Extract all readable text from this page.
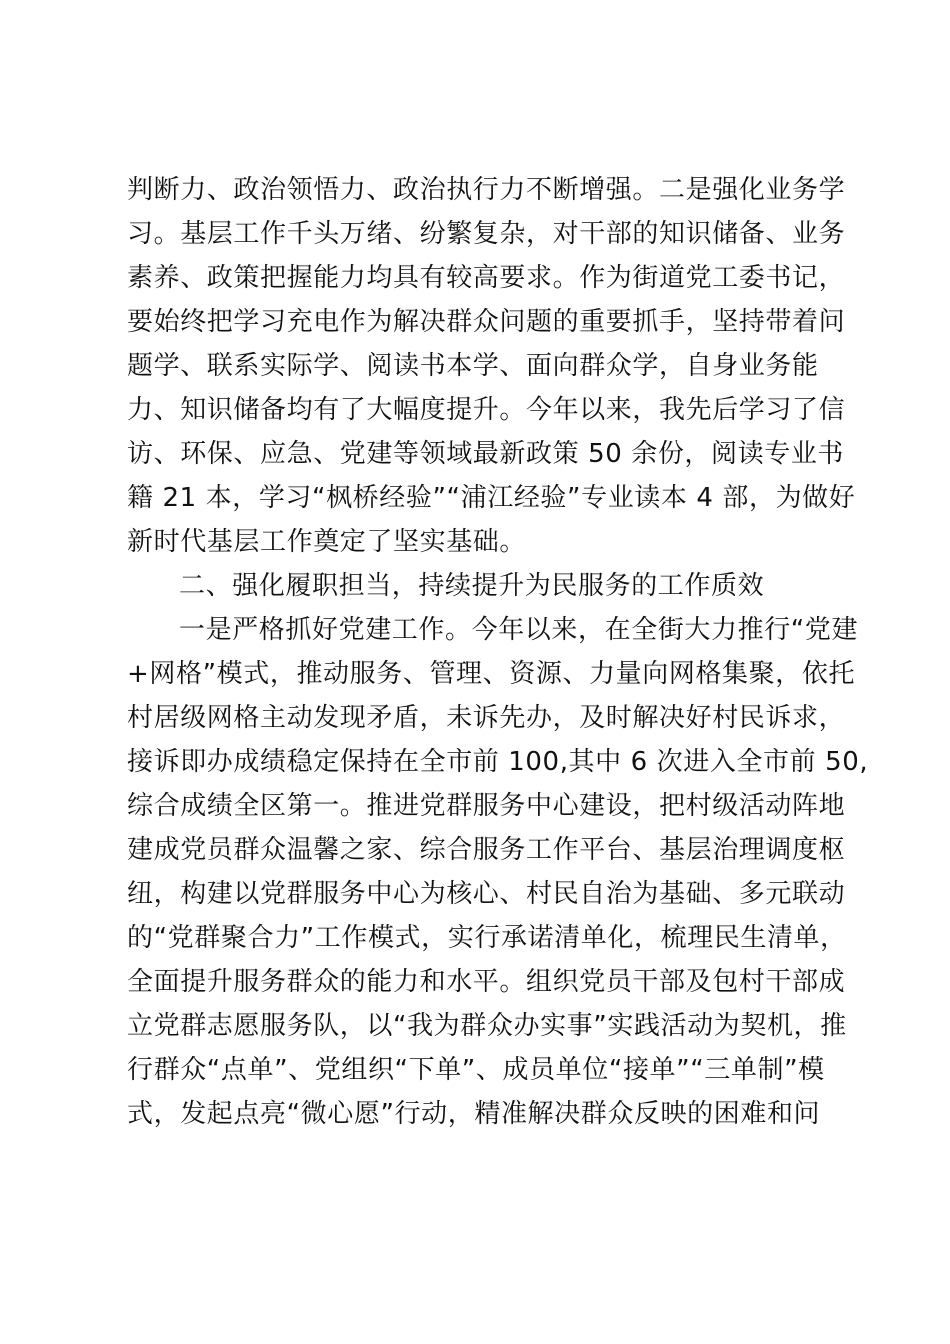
判断力、政治领悟力、政治执行力不断增强。二是强化业务学
习。基层工作千头万绪、纷繁复杂，对干部的知识储备、业务
素养、政策把握能力均具有较高要求。作为街道党工委书记，
要始终把学习充电作为解决群众问题的重要抓手，坚持带着问
题学、联系实际学、阅读书本学、面向群众学，自身业务能
力、知识储备均有了大幅度提升。今年以来，我先后学习了信
访、环保、应急、党建等领域最新政策 50 余份，阅读专业书
籍 21 本，学习“枫桥经验”“浦江经验”专业读本 4 部，为做好
新时代基层工作奠定了坚实基础。
二、强化履职担当，持续提升为民服务的工作质效
一是严格抓好党建工作。今年以来，在全街大力推行“党建
+网格”模式，推动服务、管理、资源、力量向网格集聚，依托
村居级网格主动发现矛盾，未诉先办，及时解决好村民诉求，
接诉即办成绩稳定保持在全市前 100,其中 6 次进入全市前 50,
综合成绩全区第一。推进党群服务中心建设，把村级活动阵地
建成党员群众温馨之家、综合服务工作平台、基层治理调度枢
纽，构建以党群服务中心为核心、村民自治为基础、多元联动
的“党群聚合力”工作模式，实行承诺清单化，梳理民生清单，
全面提升服务群众的能力和水平。组织党员干部及包村干部成
立党群志愿服务队，以“我为群众办实事”实践活动为契机，推
行群众“点单”、党组织“下单”、成员单位“接单”“三单制”模
式，发起点亮“微心愿”行动，精准解决群众反映的困难和问
